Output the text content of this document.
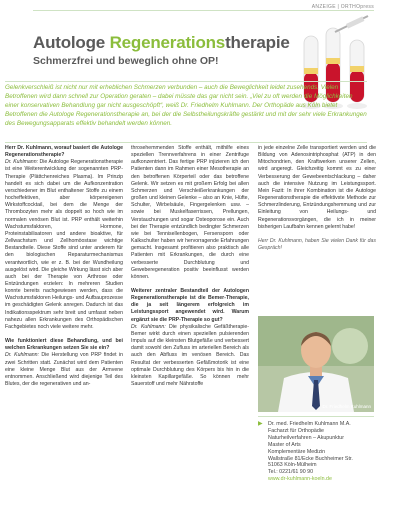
ANZEIGE | ORTHOpress
Autologe Regenerationstherapie
Schmerzfrei und beweglich ohne OP!

Gelenkverschleiß ist nicht nur mit erheblichen Schmerzen verbunden – auch die Beweglichkeit leidet zusehends. Vielen Betroffenen wird dann schnell zur Operation geraten – dabei müsste das gar nicht sein. „Viel zu oft werden die Möglichkeiten einer konservativen Behandlung gar nicht ausgeschöpft“, weiß Dr. Friedhelm Kuhlmann. Der Orthopäde aus Köln bietet Betroffenen die Autologe Regenerationstherapie an, bei der die Selbstheilungskräfte gestärkt und mit der sehr viele Erkrankungen des Bewegungsapparats effektiv behandelt werden können.

Herr Dr. Kuhlmann, worauf basiert die Autologe Regenerationstherapie?
Dr. Kuhlmann: Die Autologe Regenerationstherapie ist eine Weiterentwicklung der sogenannten PRP-Therapie (Plättchenreiches Plasma). Im Prinzip handelt es sich dabei um die Aufkonzentration verschiedener im Blut enthaltener Stoffe zu einem hocheffektiven, aber körpereigenen Wirkstoffcocktail, bei dem die Menge der Thrombozyten mehr als doppelt so hoch wie im normalen venösen Blut ist. PRP enthält weiterhin Wachstumsfaktoren, Hormone, Proteinstabilisatoren und andere bioaktive, für Zellwachstum und Zellhomöostase wichtige Bestandteile. Diese Stoffe sind unter anderem für den biologischen Reparaturmechanismus verantwortlich, wie er z. B. bei der Wundheilung ausgelöst wird. Die gleiche Wirkung lässt sich aber auch bei der Therapie von Arthrose oder Entzündungen erzielen: In mehreren Studien konnte bereits nachgewiesen werden, dass die Wachstumsfaktoren Heilungs- und Aufbauprozesse im geschädigten Gelenk anregen. Dadurch ist das Indikationsspektrum sehr breit und umfasst neben nahezu allen Erkrankungen des Orthopädischen Fachgebietes noch viele weitere mehr.

Wie funktioniert diese Behandlung, und bei welchen Erkrankungen setzen Sie sie ein?
Dr. Kuhlmann: Die Herstellung von PRP findet in zwei Schritten statt. Zunächst wird dem Patienten eine kleine Menge Blut aus der Armvene entnommen. Anschließend wird diejenige Teil des Blutes, der die regenerativen und an-

throsehemmenden Stoffe enthält, mithilfe eines speziellen Trennverfahrens in einer Zentrifuge aufkonzentriert. Das fertige PRP injizieren ich den Patienten dann im Rahmen einer Mesotherapie an den betroffenen Körperteil oder das betroffene Gelenk. Wir setzen es mit großem Erfolg bei allen Schmerzen und Verschleißerkrankungen der großen und kleinen Gelenke – also an Knie, Hüfte, Schulter, Wirbelsäule, Fingergelenken usw. – sowie bei Muskelfaserrissen, Prellungen, Verstauchungen und sogar Osteoporose ein. Auch bei der Therapie entzündlich bedingter Schmerzen wie bei Tennisellenbogen, Fersensporn oder Kalkschulter haben wir hervorragende Erfahrungen gemacht. Insgesamt profitieren also praktisch alle Patienten mit Erkrankungen, die durch eine verbesserte Durchblutung und Geweberegeneration positiv beeinflusst werden können.

Weiterer zentraler Bestandteil der Autologen Regenerationstherapie ist die Bemer-Therapie, die ja seit längerem erfolgreich im Leistungssport angewendet wird. Warum ergänzt sie die PRP-Therapie so gut?
Dr. Kuhlmann: Die physikalische Gefäßtherapie-Bemer wirkt durch einen speziellen pulsierenden Impuls auf die kleinsten Blutgefäße und verbessert damit sowohl den Zufluss im arteriellen Bereich als auch den Abfluss im venösen Bereich. Das Resultat der verbesserten Gefäßmotorik ist eine optimale Durchblutung des Körpers bis hin in die kleinsten Kapillargefäße. So können mehr Sauerstoff und mehr Nährstoffe

in jede einzelne Zelle transportiert werden und die Bildung von Adenosintriphosphat (ATP) in den Mitochondrien, den Kraftwerken unserer Zellen, wird angeregt. Gleichzeitig kommt es zu einer Verbesserung der Gewebeentschlackung – daher auch die intensive Nutzung im Leistungssport. Mein Fazit: In ihrer Kombination ist die Autologe Regenerationstherapie die effektivste Methode zur Schmerzlinderung, Entzündungshemmung und zur Einleitung von Heilungs- und Regenerationsvorgängen, die ich in meiner bisherigen Laufbahn kennen gelernt habe!

Herr Dr. Kuhlmann, haben Sie vielen Dank für das Gespräch!

Dr. Friedhelm Kuhlmann
▶ Dr. med. Friedhelm Kuhlmann M.A.
Facharzt für Orthopädie
Naturheilverfahren – Akupunktur
Master of Arts
Komplementäre Medizin
Wallstraße 81/Ecke Buchheimer Str.
51063 Köln-Mülheim
Tel.: 0221/61 90 90
www.dr-kuhlmann-koeln.de
